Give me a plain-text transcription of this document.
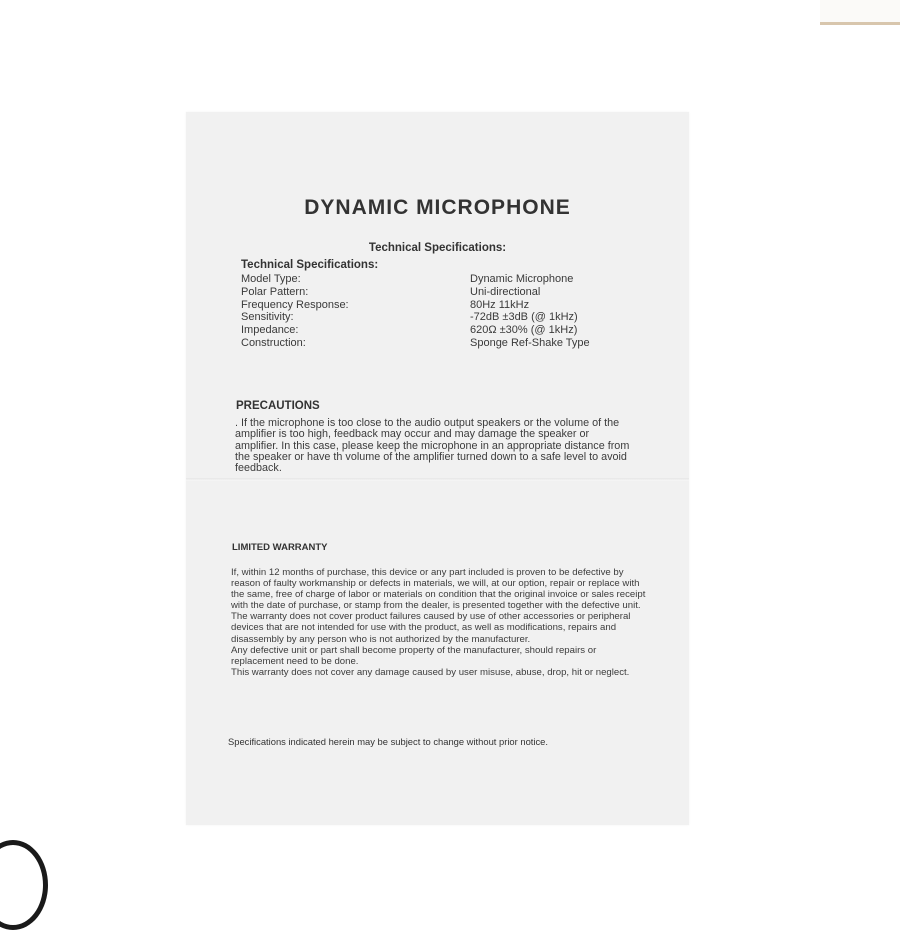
DYNAMIC MICROPHONE
Technical Specifications:
Technical Specifications:
Model Type:	Dynamic Microphone
Polar Pattern:	Uni-directional
Frequency Response:	80Hz 11kHz
Sensitivity:	-72dB ±3dB (@ 1kHz)
Impedance:	620Ω ±30% (@ 1kHz)
Construction:	Sponge Ref-Shake Type
PRECAUTIONS
. If the microphone is too close to the audio output speakers or the volume of the amplifier is too high, feedback may occur and may damage the speaker or amplifier. In this case, please keep the microphone in an appropriate distance from the speaker or have th volume of the amplifier turned down to a safe level to avoid feedback.
LIMITED WARRANTY

If, within 12 months of purchase, this device or any part included is proven to be defective by reason of faulty workmanship or defects in materials, we will, at our option, repair or replace with the same, free of charge of labor or materials on condition that the original invoice or sales receipt with the date of purchase, or stamp from the dealer, is presented together with the defective unit.

The warranty does not cover product failures caused by use of other accessories or peripheral devices that are not intended for use with the product, as well as modifications, repairs and disassembly by any person who is not authorized by the manufacturer.

Any defective unit or part shall become property of the manufacturer, should repairs or replacement need to be done.

This warranty does not cover any damage caused by user misuse, abuse, drop, hit or neglect.

Specifications indicated herein may be subject to change without prior notice.
